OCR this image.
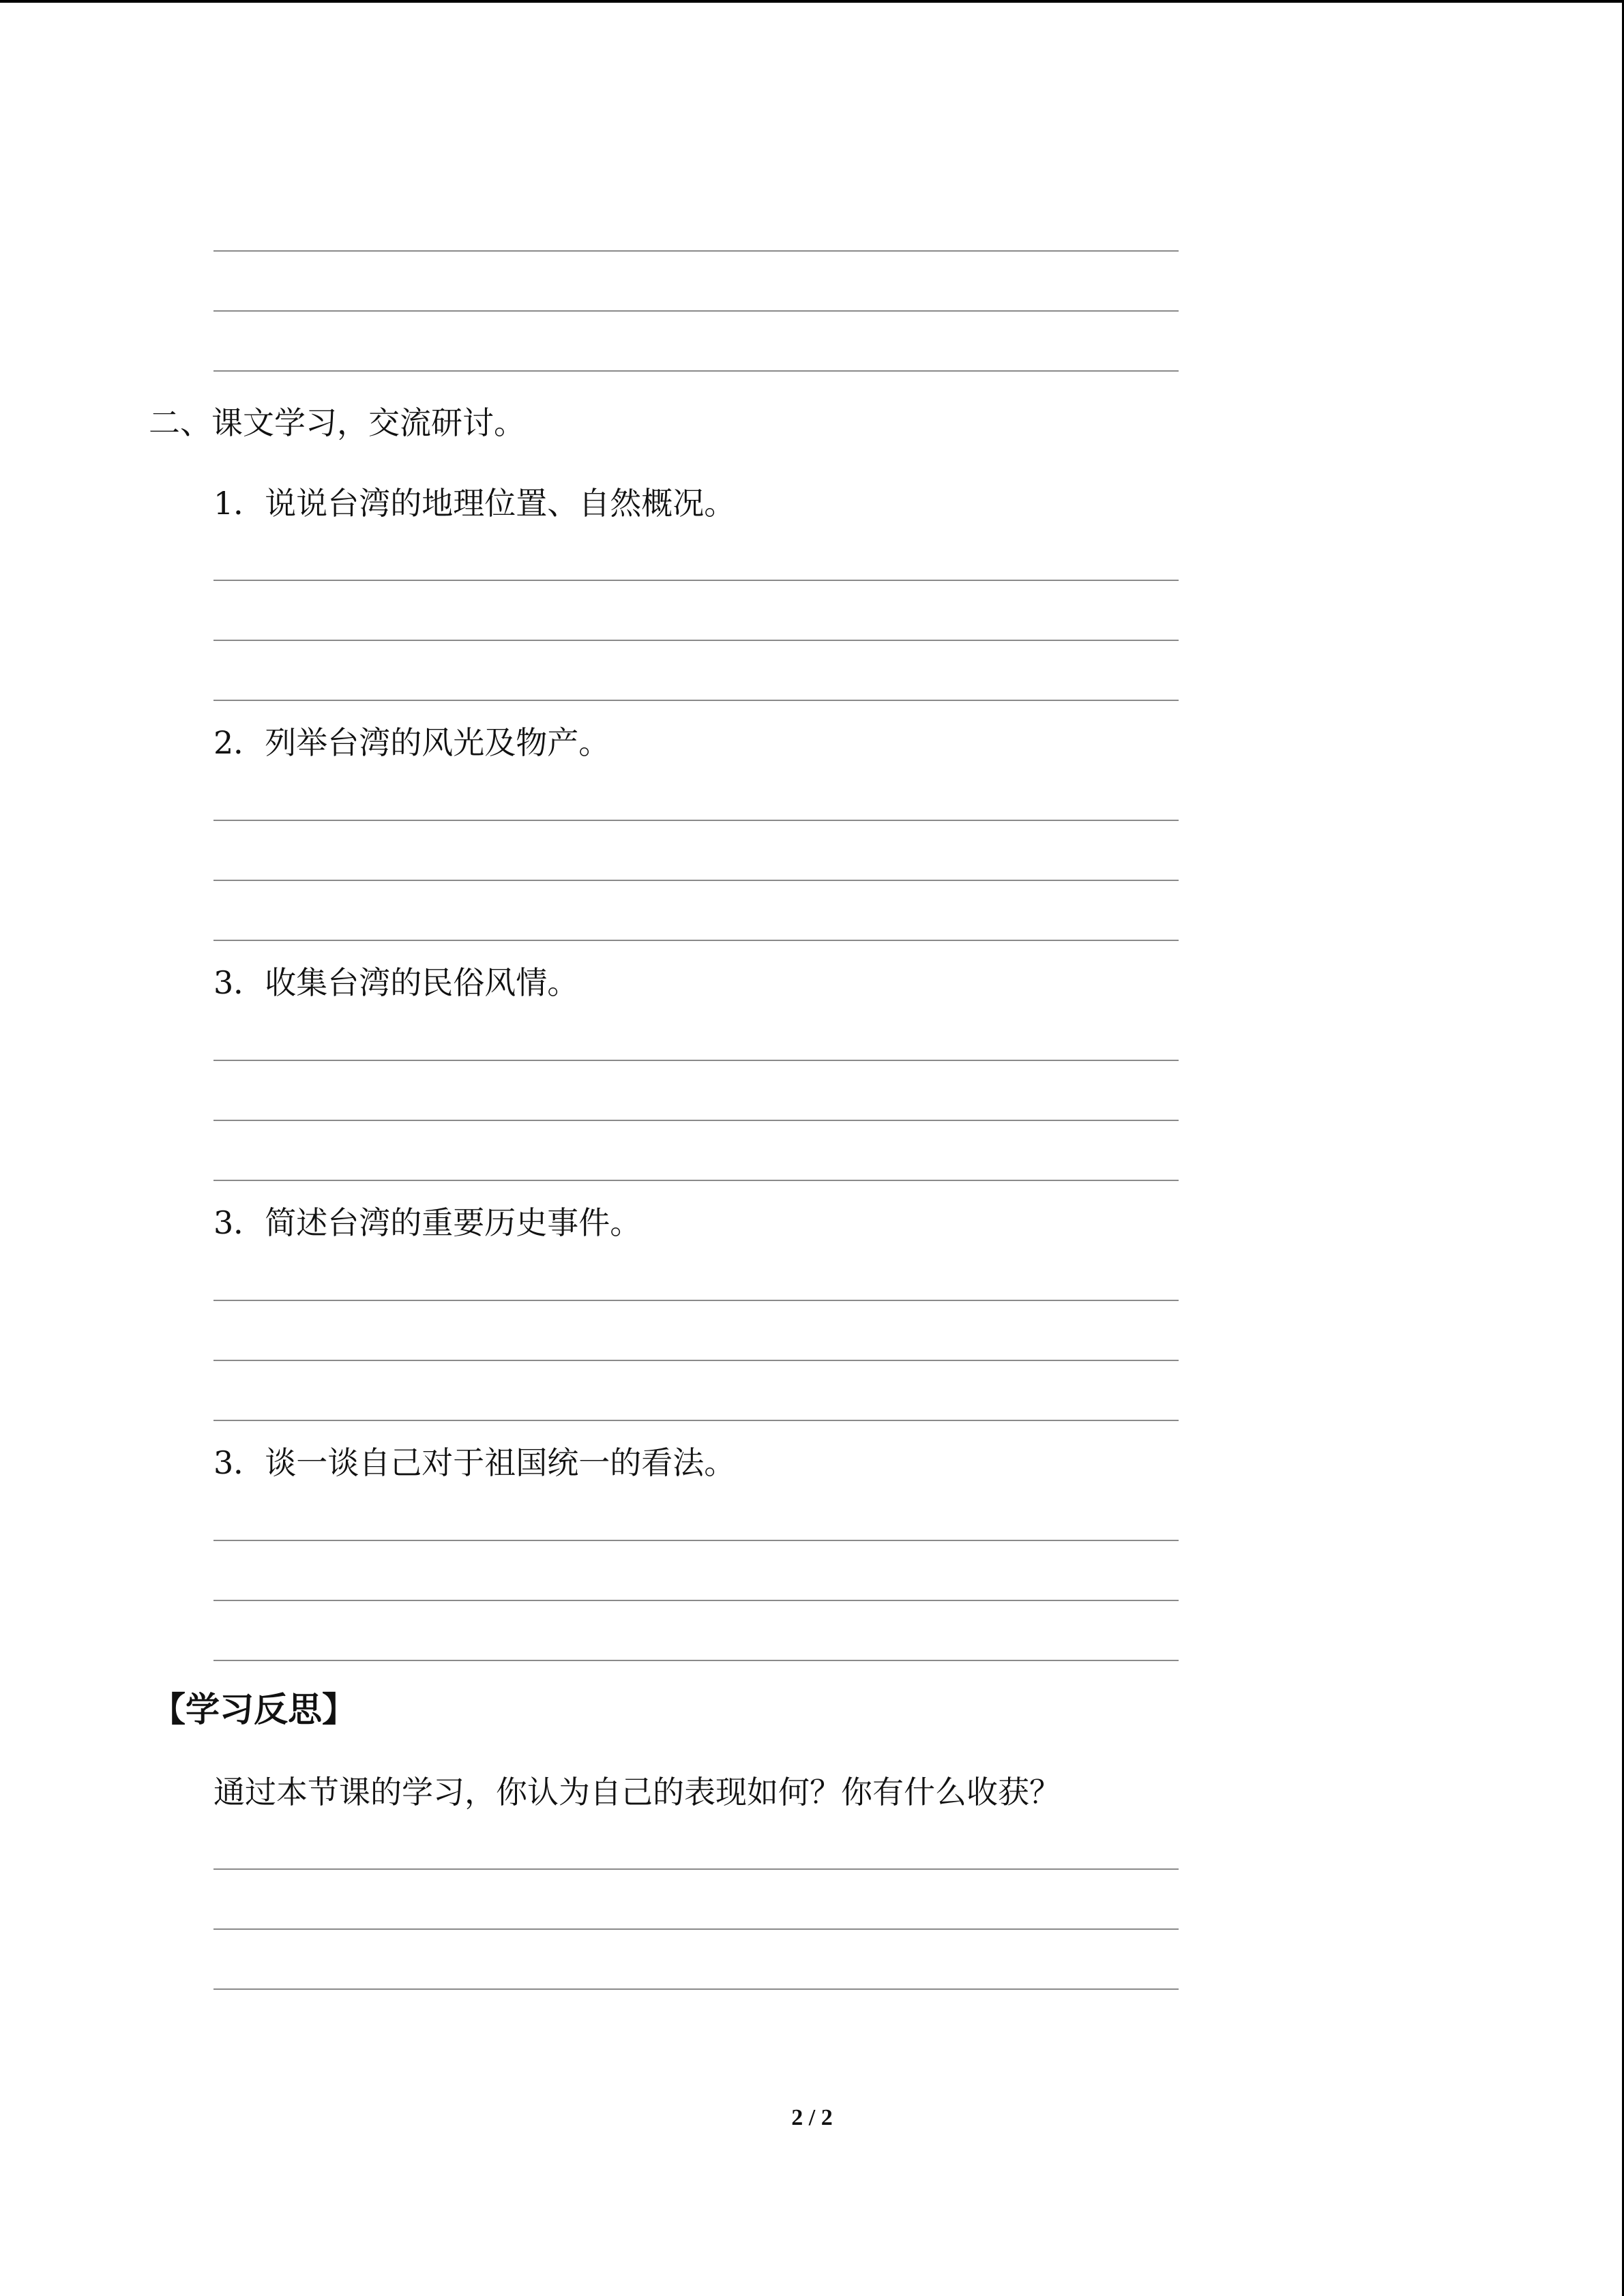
二、课文学习，交流研讨。
1．说说台湾的地理位置、自然概况。
2．列举台湾的风光及物产。
3．收集台湾的民俗风情。
3．简述台湾的重要历史事件。
3．谈一谈自己对于祖国统一的看法。
【学习反思】
通过本节课的学习，你认为自己的表现如何？你有什么收获？
2 / 2
